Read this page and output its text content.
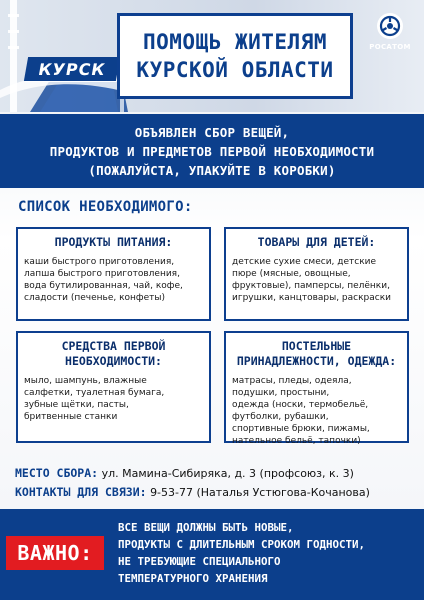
КУРСК
ПОМОЩЬ ЖИТЕЛЯМ
КУРСКОЙ ОБЛАСТИ
РОСАТОМ
ОБЪЯВЛЕН СБОР ВЕЩЕЙ,
ПРОДУКТОВ И ПРЕДМЕТОВ ПЕРВОЙ НЕОБХОДИМОСТИ
(ПОЖАЛУЙСТА, УПАКУЙТЕ В КОРОБКИ)
СПИСОК НЕОБХОДИМОГО:
ПРОДУКТЫ ПИТАНИЯ:
каши быстрого приготовления,
лапша быстрого приготовления,
вода бутилированная, чай, кофе,
сладости (печенье, конфеты)
ТОВАРЫ ДЛЯ ДЕТЕЙ:
детские сухие смеси, детские
пюре (мясные, овощные,
фруктовые), памперсы, пелёнки,
игрушки, канцтовары, раскраски
СРЕДСТВА ПЕРВОЙ
НЕОБХОДИМОСТИ:
мыло, шампунь, влажные
салфетки, туалетная бумага,
зубные щётки, пасты,
бритвенные станки
ПОСТЕЛЬНЫЕ
ПРИНАДЛЕЖНОСТИ, ОДЕЖДА:
матрасы, пледы, одеяла,
подушки, простыни,
одежда (носки, термобельё,
футболки, рубашки,
спортивные брюки, пижамы,
нательное бельё, тапочки)
МЕСТО СБОРА: ул. Мамина-Сибиряка, д. 3 (профсоюз, к. 3)
КОНТАКТЫ ДЛЯ СВЯЗИ: 9-53-77 (Наталья Устюгова-Кочанова)
ВАЖНО:
ВСЕ ВЕЩИ ДОЛЖНЫ БЫТЬ НОВЫЕ,
ПРОДУКТЫ С ДЛИТЕЛЬНЫМ СРОКОМ ГОДНОСТИ,
НЕ ТРЕБУЮЩИЕ СПЕЦИАЛЬНОГО
ТЕМПЕРАТУРНОГО ХРАНЕНИЯ
